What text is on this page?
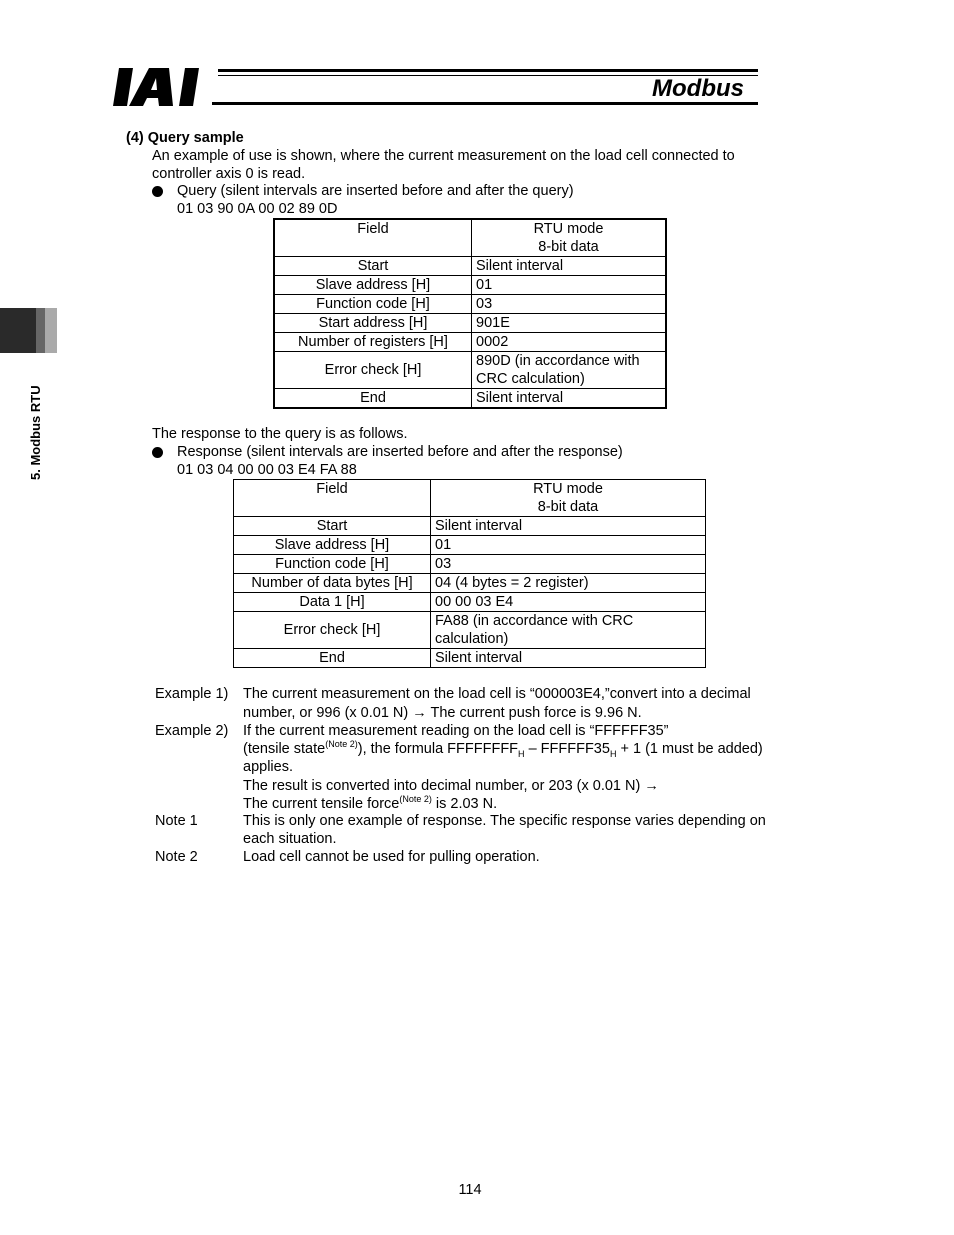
Modbus
5. Modbus RTU
(4) Query sample
An example of use is shown, where the current measurement on the load cell connected to
controller axis 0 is read.
Query (silent intervals are inserted before and after the query)
01 03 90 0A 00 02 89 0D
Field	RTU mode
8-bit data

Start	Silent interval
Slave address [H]	01
Function code [H]	03
Start address [H]	901E
Number of registers [H]	0002
Error check [H]	890D (in accordance with
CRC calculation)

End	Silent interval
The response to the query is as follows.
Response (silent intervals are inserted before and after the response)
01 03 04 00 00 03 E4 FA 88
Field	RTU mode
8-bit data

Start	Silent interval
Slave address [H]	01
Function code [H]	03
Number of data bytes [H]	04 (4 bytes = 2 register)
Data 1 [H]	00 00 03 E4
Error check [H]	FA88 (in accordance with CRC
calculation)

End	Silent interval
Example 1) The current measurement on the load cell is “000003E4,”convert into a decimal
number, or 996 (x 0.01 N) → The current push force is 9.96 N.
Example 2) If the current measurement reading on the load cell is “FFFFFF35”
(tensile state$^{(Note 2)}$), the formula $FFFFFFFF_H$ – $FFFFFF35_H + 1$ (1 must be added)
applies.
The result is converted into decimal number, or 203 (x 0.01 N) →
The current tensile force$^{(Note 2)}$ is 2.03 N.
Note 1	This is only one example of response. The specific response varies depending on
each situation.
Note 2	Load cell cannot be used for pulling operation.
114
